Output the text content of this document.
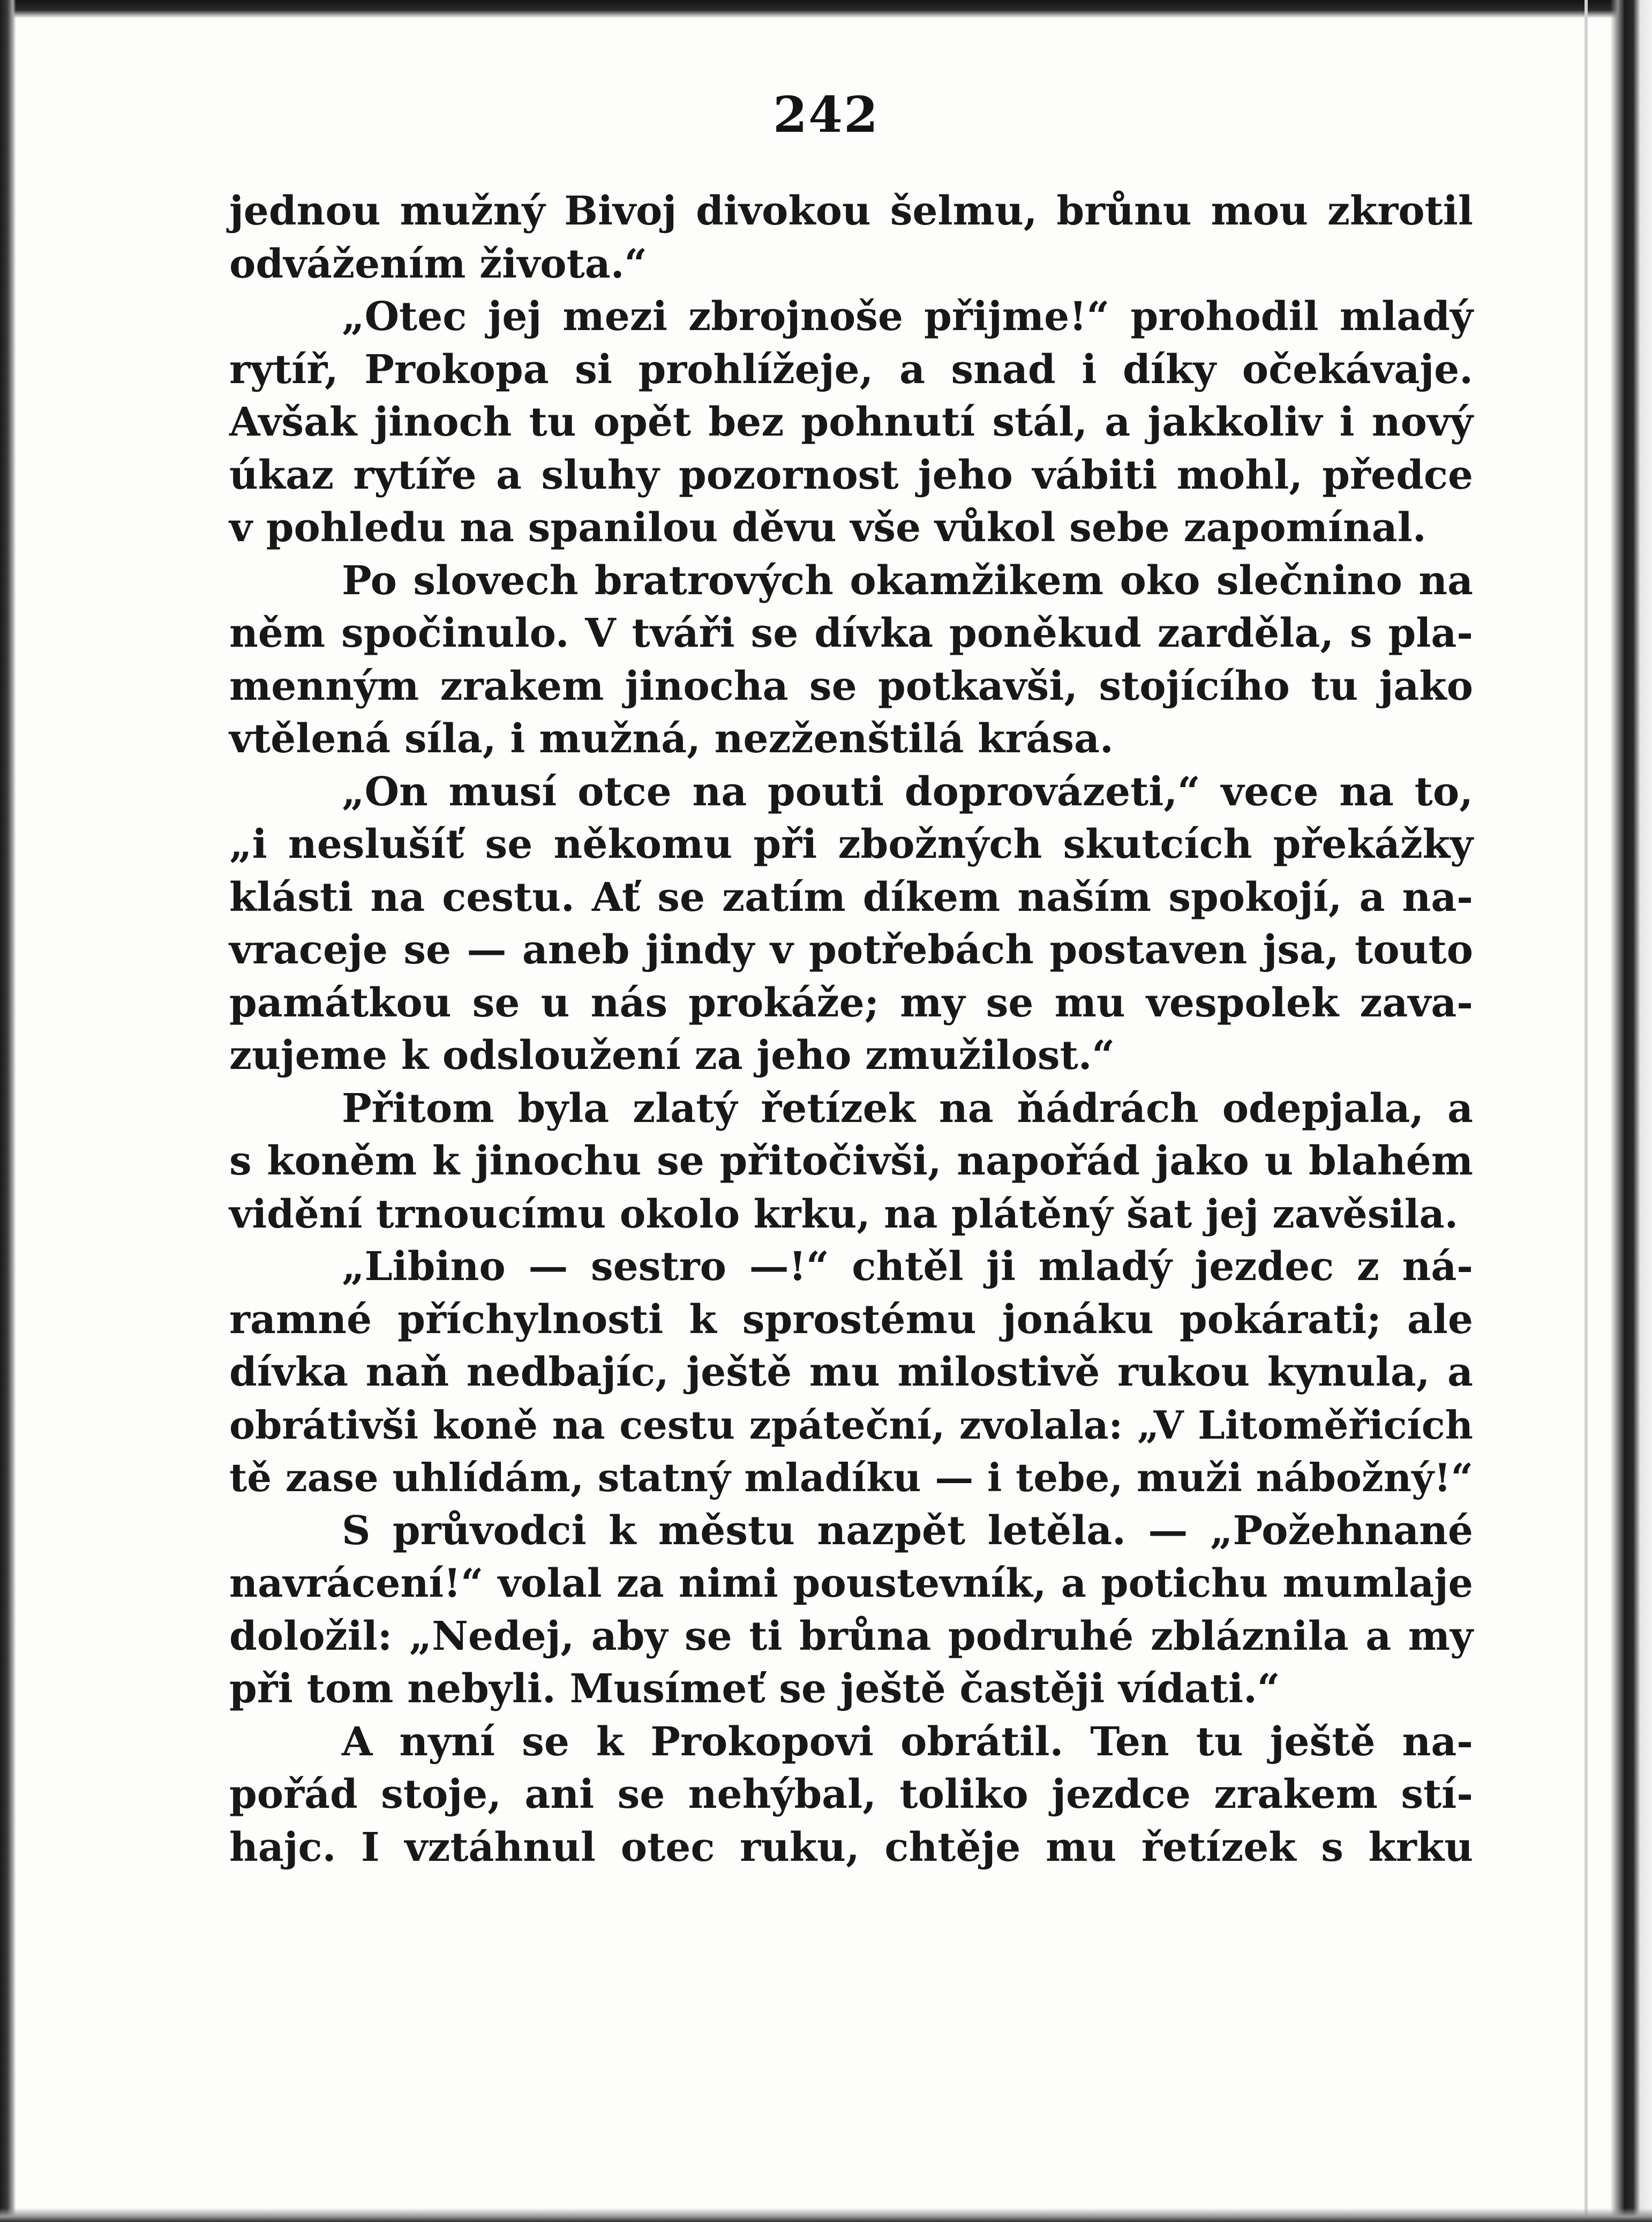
242
jednou mužný Bivoj divokou šelmu, brůnu mou zkrotil
odvážením života.“
„Otec jej mezi zbrojnoše přijme!“ prohodil mladý
rytíř, Prokopa si prohlížeje, a snad i díky očekávaje.
Avšak jinoch tu opět bez pohnutí stál, a jakkoliv i nový
úkaz rytíře a sluhy pozornost jeho vábiti mohl, předce
v pohledu na spanilou děvu vše vůkol sebe zapomínal.
Po slovech bratrových okamžikem oko slečnino na
něm spočinulo. V tváři se dívka poněkud zarděla, s pla-
menným zrakem jinocha se potkavši, stojícího tu jako
vtělená síla, i mužná, nezženštilá krása.
„On musí otce na pouti doprovázeti,“ vece na to,
„i neslušíť se někomu při zbožných skutcích překážky
klásti na cestu. Ať se zatím díkem naším spokojí, a na-
vraceje se — aneb jindy v potřebách postaven jsa, touto
památkou se u nás prokáže; my se mu vespolek zava-
zujeme k odsloužení za jeho zmužilost.“
Přitom byla zlatý řetízek na ňádrách odepjala, a
s koněm k jinochu se přitočivši, napořád jako u blahém
vidění trnoucímu okolo krku, na plátěný šat jej zavěsila.
„Libino — sestro —!“ chtěl ji mladý jezdec z ná-
ramné příchylnosti k sprostému jonáku pokárati; ale
dívka naň nedbajíc, ještě mu milostivě rukou kynula, a
obrátivši koně na cestu zpáteční, zvolala: „V Litoměřicích
tě zase uhlídám, statný mladíku — i tebe, muži nábožný!“
S průvodci k městu nazpět letěla. — „Požehnané
navrácení!“ volal za nimi poustevník, a potichu mumlaje
doložil: „Nedej, aby se ti brůna podruhé zbláznila a my
při tom nebyli. Musímeť se ještě častěji vídati.“
A nyní se k Prokopovi obrátil. Ten tu ještě na-
pořád stoje, ani se nehýbal, toliko jezdce zrakem stí-
hajc. I vztáhnul otec ruku, chtěje mu řetízek s krku
